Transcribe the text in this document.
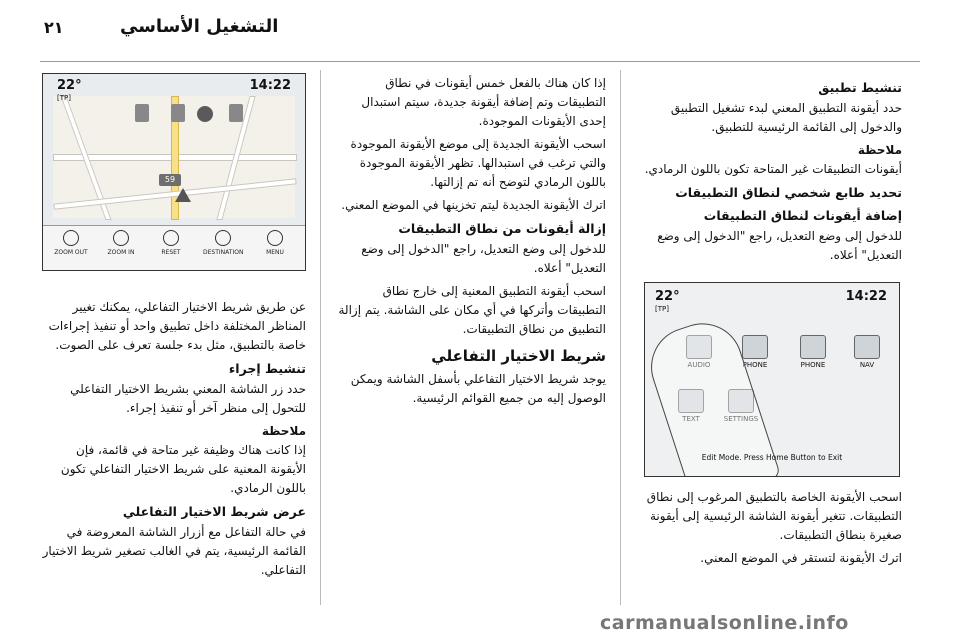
٢١	التشغيل الأساسي
تنشيط تطبيق

حدد أيقونة التطبيق المعني لبدء تشغيل التطبيق والدخول إلى القائمة الرئيسية للتطبيق.

ملاحظة

أيقونات التطبيقات غير المتاحة تكون باللون الرمادي.

تحديد طابع شخصي لنطاق التطبيقات
إضافة أيقونات لنطاق التطبيقات

للدخول إلى وضع التعديل، راجع "الدخول إلى وضع التعديل" أعلاه.

22°
[TP]
14:22
AUDIO	PHONE	PHONE	NAV
TEXT	SETTINGS
Edit Mode. Press Home Button to Exit

اسحب الأيقونة الخاصة بالتطبيق المرغوب إلى نطاق التطبيقات. تتغير أيقونة الشاشة الرئيسية إلى أيقونة صغيرة بنطاق التطبيقات.

اترك الأيقونة لتستقر في الموضع المعني.

إذا كان هناك بالفعل خمس أيقونات في نطاق التطبيقات وتم إضافة أيقونة جديدة، سيتم استبدال إحدى الأيقونات الموجودة.

اسحب الأيقونة الجديدة إلى موضع الأيقونة الموجودة والتي ترغب في استبدالها. تظهر الأيقونة الموجودة باللون الرمادي لتوضح أنه تم إزالتها.

اترك الأيقونة الجديدة ليتم تخزينها في الموضع المعني.

إزالة أيقونات من نطاق التطبيقات

للدخول إلى وضع التعديل، راجع "الدخول إلى وضع التعديل" أعلاه.

اسحب أيقونة التطبيق المعنية إلى خارج نطاق التطبيقات وأتركها في أي مكان على الشاشة. يتم إزالة التطبيق من نطاق التطبيقات.

شريط الاختيار التفاعلي

يوجد شريط الاختيار التفاعلي بأسفل الشاشة ويمكن الوصول إليه من جميع القوائم الرئيسية.

22°
[TP]
14:22
59
ZOOM OUT	ZOOM IN	RESET	DESTINATION	MENU

عن طريق شريط الاختيار التفاعلي، يمكنك تغيير المناظر المختلفة داخل تطبيق واحد أو تنفيذ إجراءات خاصة بالتطبيق، مثل بدء جلسة تعرف على الصوت.

تنشيط إجراء

حدد زر الشاشة المعني بشريط الاختيار التفاعلي للتحول إلى منظر آخر أو تنفيذ إجراء.

ملاحظة

إذا كانت هناك وظيفة غير متاحة في قائمة، فإن الأيقونة المعنية على شريط الاختيار التفاعلي تكون باللون الرمادي.

عرض شريط الاختيار التفاعلي

في حالة التفاعل مع أزرار الشاشة المعروضة في القائمة الرئيسية، يتم في الغالب تصغير شريط الاختيار التفاعلي.

carmanualsonline.info
